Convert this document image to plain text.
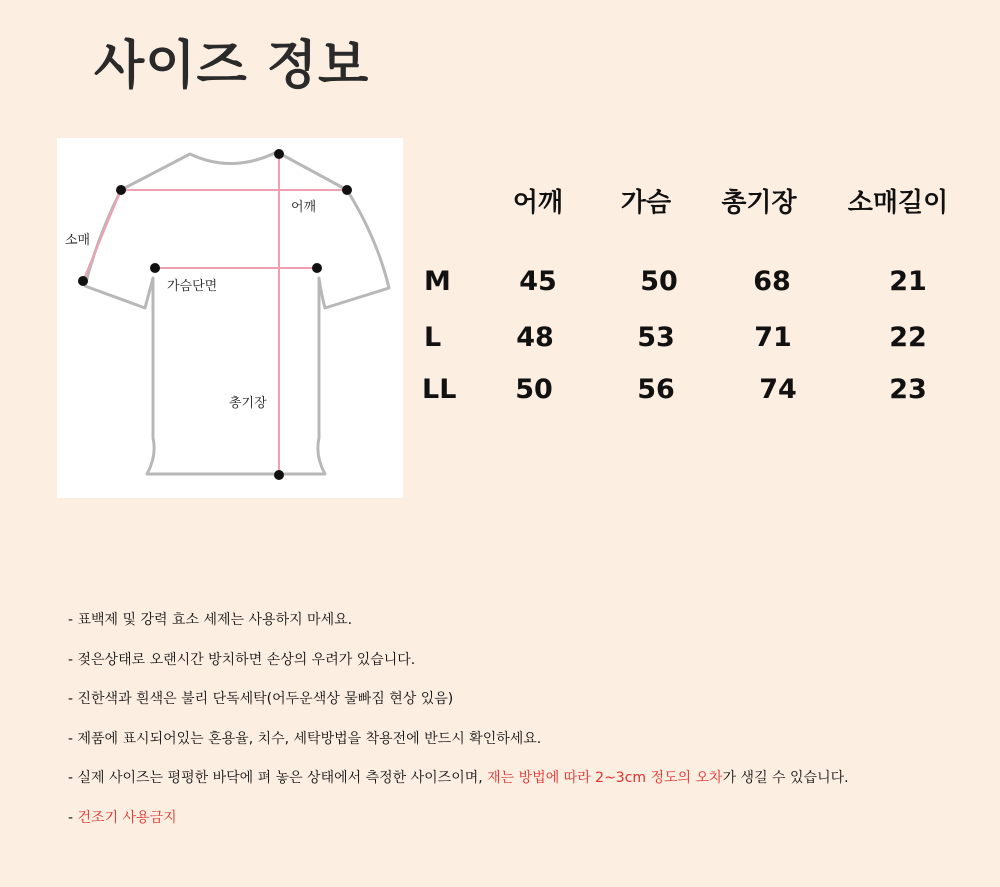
사이즈 정보
어깨
소매
가슴단면
총기장
어깨 가슴 총기장 소매길이
M	45	50	68	21
L	48	53	71	22
LL 50	56	74	23
- 표백제 및 강력 효소 세제는 사용하지 마세요.
- 젖은상태로 오랜시간 방치하면 손상의 우려가 있습니다.
- 진한색과 흰색은 불리 단독세탁(어두운색상 물빠짐 현상 있음)
- 제품에 표시되어있는 혼용율, 치수, 세탁방법을 착용전에 반드시 확인하세요.
- 실제 사이즈는 평평한 바닥에 펴 놓은 상태에서 측정한 사이즈이며, 재는 방법에 따라 2~3cm 정도의 오차가 생길 수 있습니다.
- 건조기 사용금지
